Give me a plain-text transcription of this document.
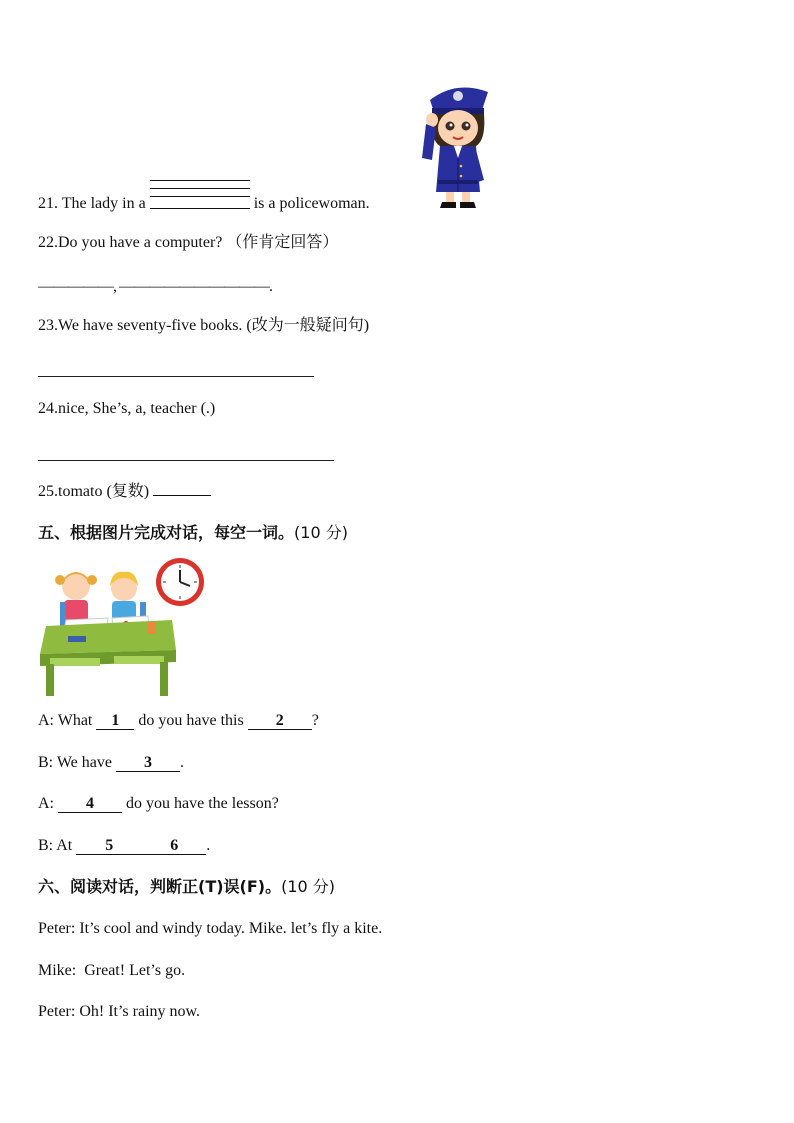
21. The lady in a	is a policewoman.
22.Do you have a computer? （作肯定回答）
—————, ——————————.
23.We have seventy-five books. (改为一般疑问句)
24.nice, She’s, a, teacher (.)
25.tomato (复数)
五、根据图片完成对话，每空一词。(10 分)
A: What 1 do you have this 2 ?
B: We have 3 .
A: 4 do you have the lesson?
B: At 5	6 .
六、阅读对话，判断正(T)误(F)。(10 分)
Peter: It’s cool and windy today. Mike. let’s fly a kite.
Mike:  Great! Let’s go.
Peter: Oh! It’s rainy now.
